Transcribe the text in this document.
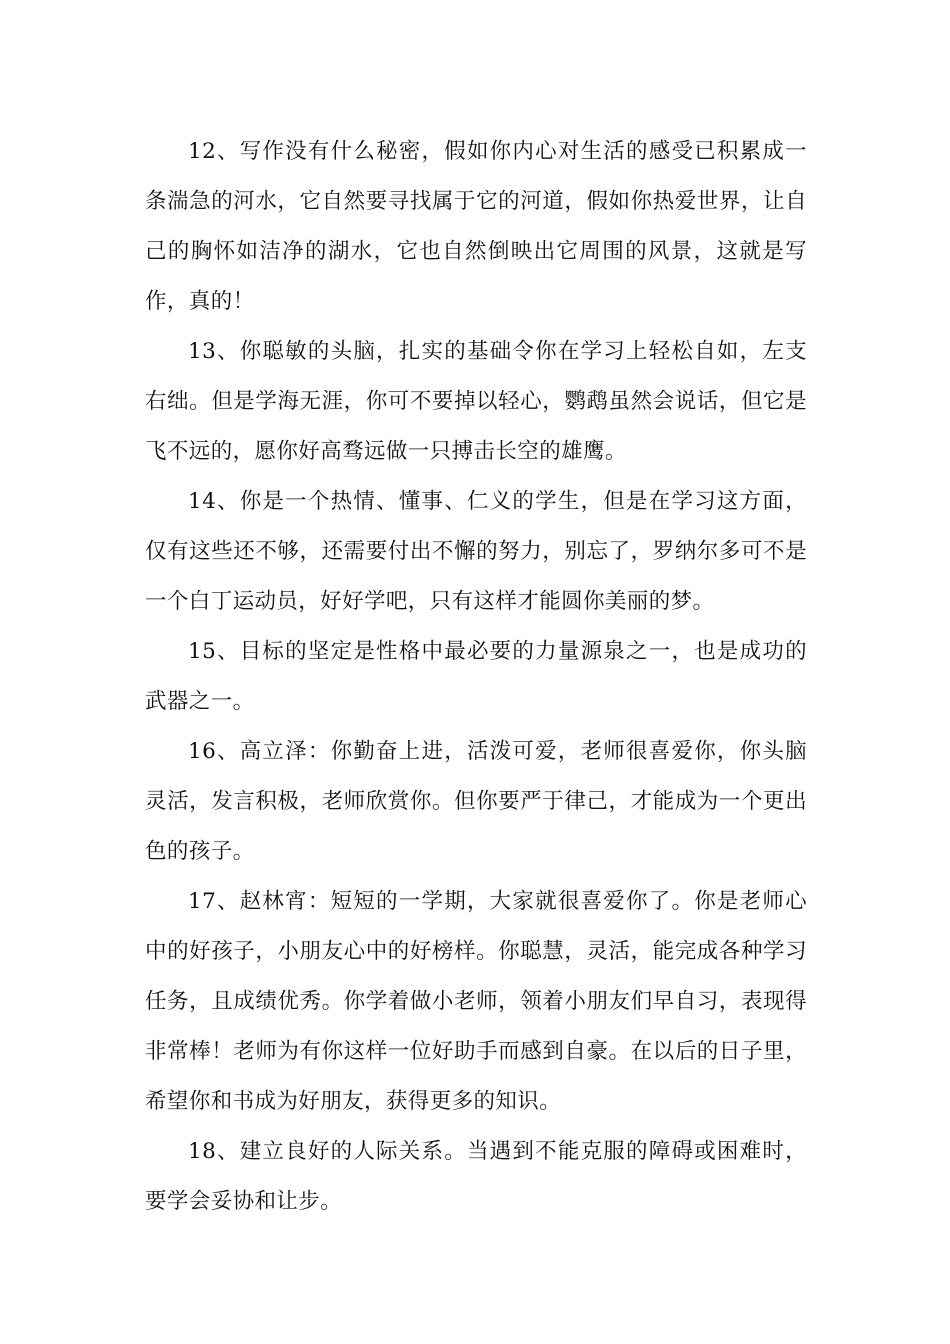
12、写作没有什么秘密，假如你内心对生活的感受已积累成一条湍急的河水，它自然要寻找属于它的河道，假如你热爱世界，让自己的胸怀如洁净的湖水，它也自然倒映出它周围的风景，这就是写作，真的！

13、你聪敏的头脑，扎实的基础令你在学习上轻松自如，左支右绌。但是学海无涯，你可不要掉以轻心，鹦鹉虽然会说话，但它是飞不远的，愿你好高骛远做一只搏击长空的雄鹰。

14、你是一个热情、懂事、仁义的学生，但是在学习这方面，仅有这些还不够，还需要付出不懈的努力，别忘了，罗纳尔多可不是一个白丁运动员，好好学吧，只有这样才能圆你美丽的梦。

15、目标的坚定是性格中最必要的力量源泉之一，也是成功的武器之一。

16、高立泽：你勤奋上进，活泼可爱，老师很喜爱你，你头脑灵活，发言积极，老师欣赏你。但你要严于律己，才能成为一个更出色的孩子。

17、赵林宵：短短的一学期，大家就很喜爱你了。你是老师心中的好孩子，小朋友心中的好榜样。你聪慧，灵活，能完成各种学习任务，且成绩优秀。你学着做小老师，领着小朋友们早自习，表现得非常棒！老师为有你这样一位好助手而感到自豪。在以后的日子里，希望你和书成为好朋友，获得更多的知识。

18、建立良好的人际关系。当遇到不能克服的障碍或困难时，要学会妥协和让步。
